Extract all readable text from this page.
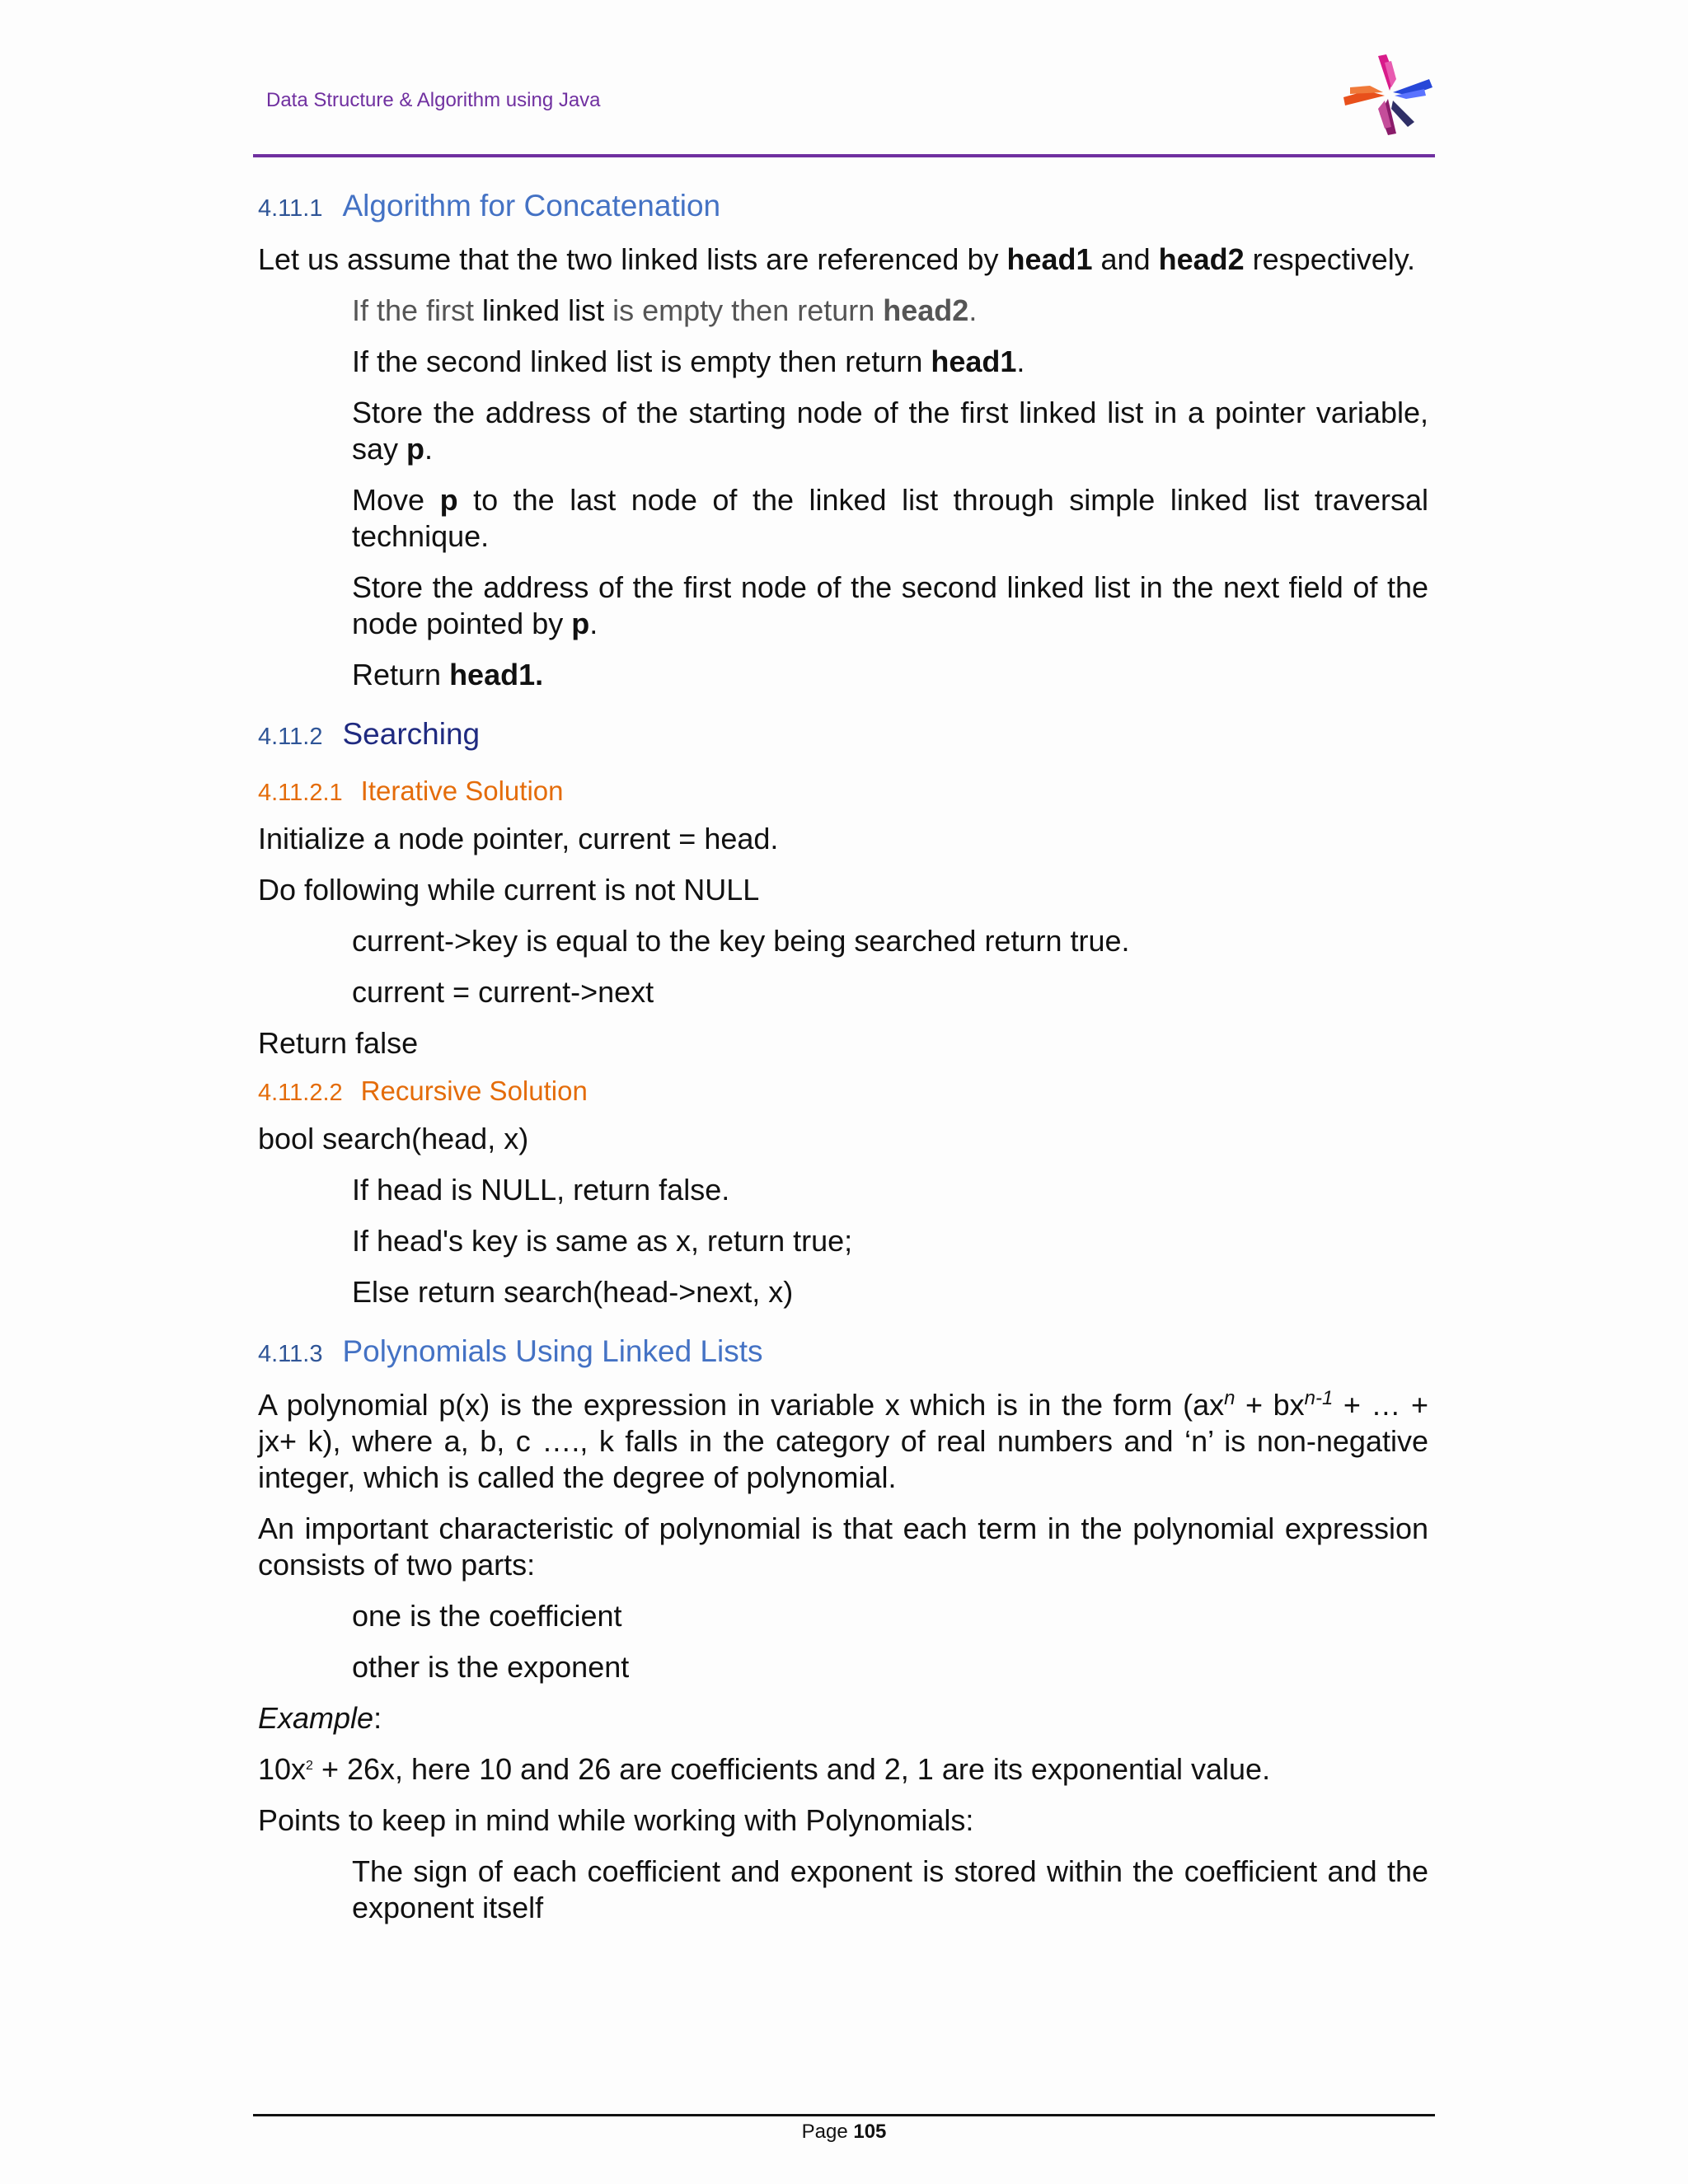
Data Structure & Algorithm using Java
4.11.1 Algorithm for Concatenation

Let us assume that the two linked lists are referenced by head1 and head2 respectively.

If the first linked list is empty then return head2.

If the second linked list is empty then return head1.

Store the address of the starting node of the first linked list in a pointer variable, say p.

Move p to the last node of the linked list through simple linked list traversal technique.

Store the address of the first node of the second linked list in the next field of the node pointed by p.

Return head1.

4.11.2 Searching
4.11.2.1 Iterative Solution

Initialize a node pointer, current = head.

Do following while current is not NULL

current->key is equal to the key being searched return true.

current = current->next

Return false

4.11.2.2 Recursive Solution

bool search(head, x)

If head is NULL, return false.

If head's key is same as x, return true;

Else return search(head->next, x)

4.11.3 Polynomials Using Linked Lists

A polynomial p(x) is the expression in variable x which is in the form ($ax^n + bx^{n-1}$ + … + jx+ k), where a, b, c …., k falls in the category of real numbers and ‘n’ is non-negative integer, which is called the degree of polynomial.

An important characteristic of polynomial is that each term in the polynomial expression consists of two parts:

one is the coefficient

other is the exponent

Example:

$10x^2 + 26x$, here 10 and 26 are coefficients and 2, 1 are its exponential value.

Points to keep in mind while working with Polynomials:

The sign of each coefficient and exponent is stored within the coefficient and the exponent itself

Page 105
